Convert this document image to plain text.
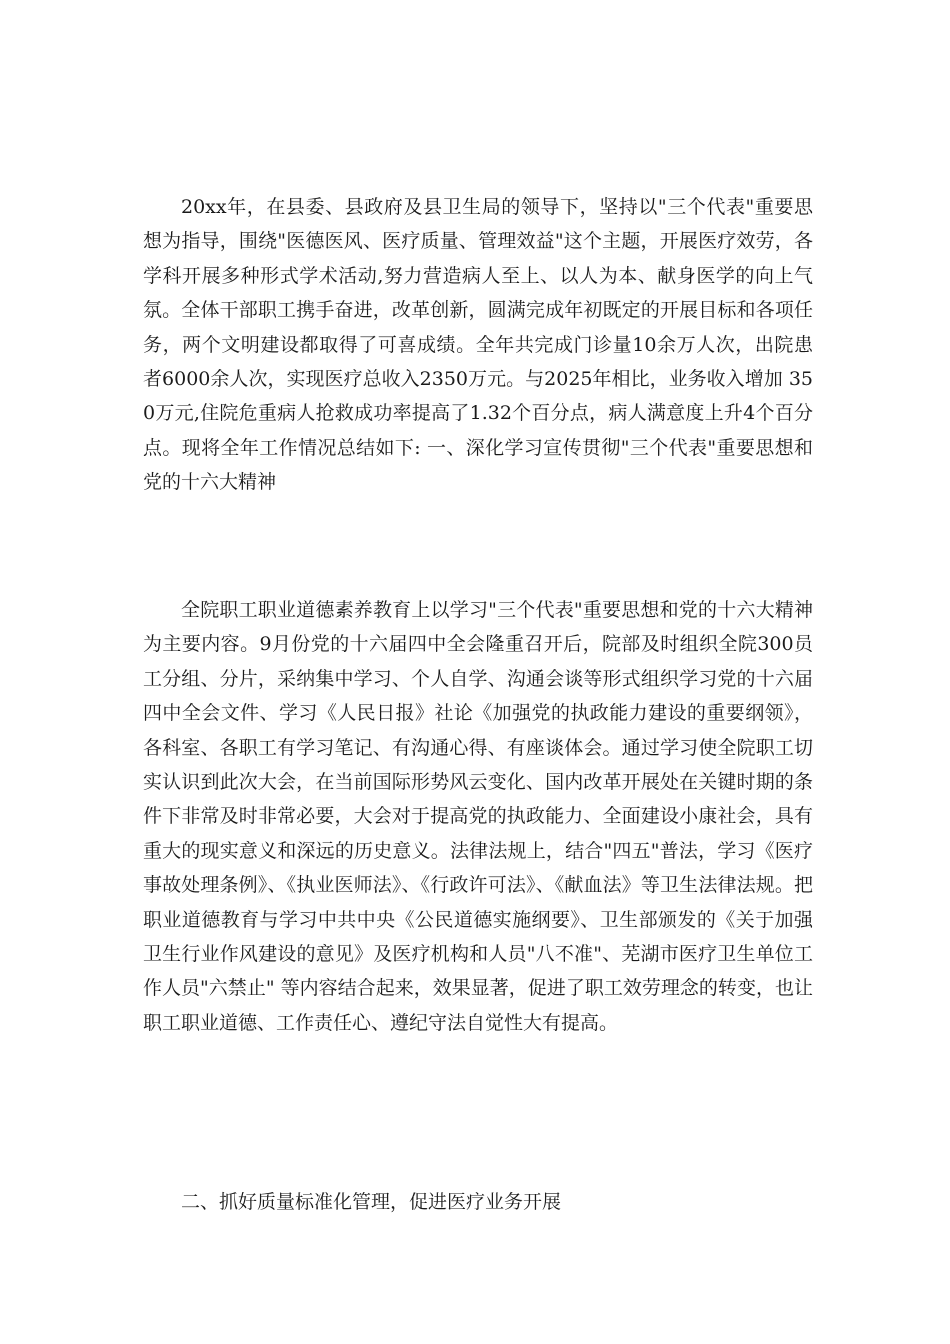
20xx年，在县委、县政府及县卫生局的领导下，坚持以"三个代表"重要思想为指导，围绕"医德医风、医疗质量、管理效益"这个主题，开展医疗效劳，各学科开展多种形式学术活动,努力营造病人至上、以人为本、献身医学的向上气氛。全体干部职工携手奋进，改革创新，圆满完成年初既定的开展目标和各项任务，两个文明建设都取得了可喜成绩。全年共完成门诊量10余万人次，出院患者6000余人次，实现医疗总收入2350万元。与2025年相比，业务收入增加 350万元,住院危重病人抢救成功率提高了1.32个百分点，病人满意度上升4个百分点。现将全年工作情况总结如下: 一、深化学习宣传贯彻"三个代表"重要思想和党的十六大精神

全院职工职业道德素养教育上以学习"三个代表"重要思想和党的十六大精神为主要内容。9月份党的十六届四中全会隆重召开后，院部及时组织全院300员工分组、分片，采纳集中学习、个人自学、沟通会谈等形式组织学习党的十六届四中全会文件、学习《人民日报》社论《加强党的执政能力建设的重要纲领》，各科室、各职工有学习笔记、有沟通心得、有座谈体会。通过学习使全院职工切实认识到此次大会，在当前国际形势风云变化、国内改革开展处在关键时期的条件下非常及时非常必要，大会对于提高党的执政能力、全面建设小康社会，具有重大的现实意义和深远的历史意义。法律法规上，结合"四五"普法，学习《医疗事故处理条例》、《执业医师法》、《行政许可法》、《献血法》等卫生法律法规。把职业道德教育与学习中共中央《公民道德实施纲要》、卫生部颁发的《关于加强卫生行业作风建设的意见》及医疗机构和人员"八不准"、芜湖市医疗卫生单位工作人员"六禁止" 等内容结合起来，效果显著，促进了职工效劳理念的转变，也让职工职业道德、工作责任心、遵纪守法自觉性大有提高。

二、抓好质量标准化管理，促进医疗业务开展
